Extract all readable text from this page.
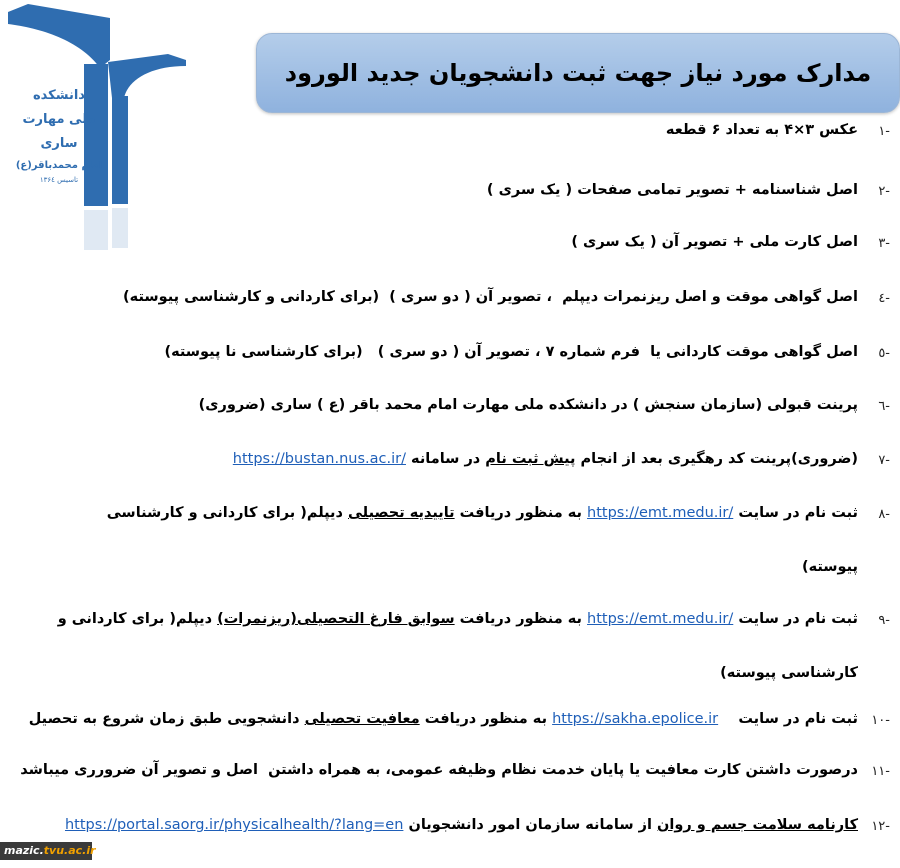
دانشکده
ملی مهارت
ساری
امام محمدباقر(ع)
تاسیس ۱۳۶٤
مدارک مورد نیاز جهت ثبت دانشجویان جدید الورود
-۱
عکس ۳×۴ به تعداد ۶ قطعه
-۲
اصل شناسنامه + تصویر تمامی صفحات ( یک سری )
-۳
اصل کارت ملی + تصویر آن ( یک سری )
-٤
اصل گواهی موقت و اصل ریزنمرات دیپلم  ، تصویر آن ( دو سری )  (برای کاردانی و کارشناسی پیوسته)
-٥
اصل گواهی موقت کاردانی یا  فرم شماره ۷ ، تصویر آن ( دو سری )   (برای کارشناسی نا پیوسته)
-٦
پرینت قبولی (سازمان سنجش ) در دانشکده ملی مهارت امام محمد باقر (ع ) ساری (ضروری)
-۷
(ضروری)پرینت کد رهگیری بعد از انجام پیش ثبت نام در سامانه https://bustan.nus.ac.ir/
-۸
ثبت نام در سایت https://emt.medu.ir/ به منظور دریافت تاییدیه تحصیلی دیپلم( برای کاردانی و کارشناسی
پیوسته)
-۹
ثبت نام در سایت https://emt.medu.ir/ به منظور دریافت سوابق فارغ التحصیلی(ریزنمرات) دیپلم( برای کاردانی و
کارشناسی پیوسته)
-۱۰
ثبت نام در سایت    https://sakha.epolice.ir به منظور دریافت معافیت تحصیلی دانشجویی طبق زمان شروع به تحصیل
-۱۱
درصورت داشتن کارت معافیت یا پایان خدمت نظام وظیفه عمومی، به همراه داشتن  اصل و تصویر آن ضرورری میباشد
-۱۲
کارنامه سلامت جسم و روان از سامانه سازمان امور دانشجویان https://portal.saorg.ir/physicalhealth/?lang=en
mazic.tvu.ac.ir
